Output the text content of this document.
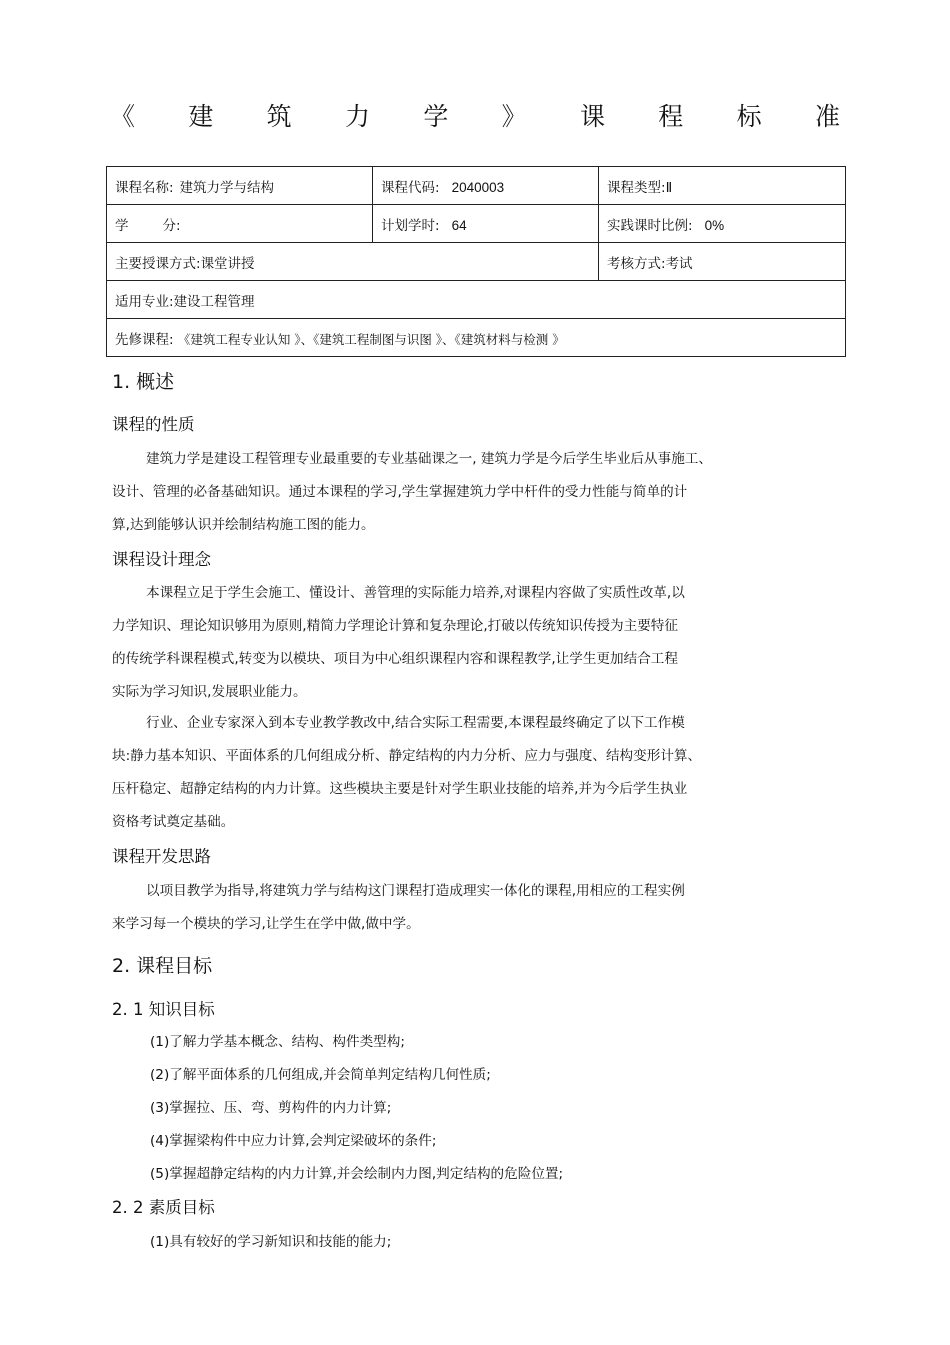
《 建 筑 力 学 》 课 程 标 准
课程名称: 建筑力学与结构	课程代码: 2040003	课程类型:Ⅱ
学 分:	计划学时: 64	实践课时比例: 0%
主要授课方式:课堂讲授		考核方式:考试
适用专业:建设工程管理		
先修课程: 《建筑工程专业认知 》、《建筑工程制图与识图 》、《建筑材料与检测 》		
1. 概述
课程的性质
建筑力学是建设工程管理专业最重要的专业基础课之一, 建筑力学是今后学生毕业后从事施工、
设计、管理的必备基础知识。通过本课程的学习,学生掌握建筑力学中杆件的受力性能与简单的计
算,达到能够认识并绘制结构施工图的能力。
课程设计理念
本课程立足于学生会施工、懂设计、善管理的实际能力培养,对课程内容做了实质性改革,以
力学知识、理论知识够用为原则,精简力学理论计算和复杂理论,打破以传统知识传授为主要特征
的传统学科课程模式,转变为以模块、项目为中心组织课程内容和课程教学,让学生更加结合工程
实际为学习知识,发展职业能力。
行业、企业专家深入到本专业教学教改中,结合实际工程需要,本课程最终确定了以下工作模
块:静力基本知识、平面体系的几何组成分析、静定结构的内力分析、应力与强度、结构变形计算、
压杆稳定、超静定结构的内力计算。这些模块主要是针对学生职业技能的培养,并为今后学生执业
资格考试奠定基础。
课程开发思路
以项目教学为指导,将建筑力学与结构这门课程打造成理实一体化的课程,用相应的工程实例
来学习每一个模块的学习,让学生在学中做,做中学。
2. 课程目标
2. 1 知识目标
(1)了解力学基本概念、结构、构件类型构;
(2)了解平面体系的几何组成,并会简单判定结构几何性质;
(3)掌握拉、压、弯、剪构件的内力计算;
(4)掌握梁构件中应力计算,会判定梁破坏的条件;
(5)掌握超静定结构的内力计算,并会绘制内力图,判定结构的危险位置;
2. 2 素质目标
(1)具有较好的学习新知识和技能的能力;
